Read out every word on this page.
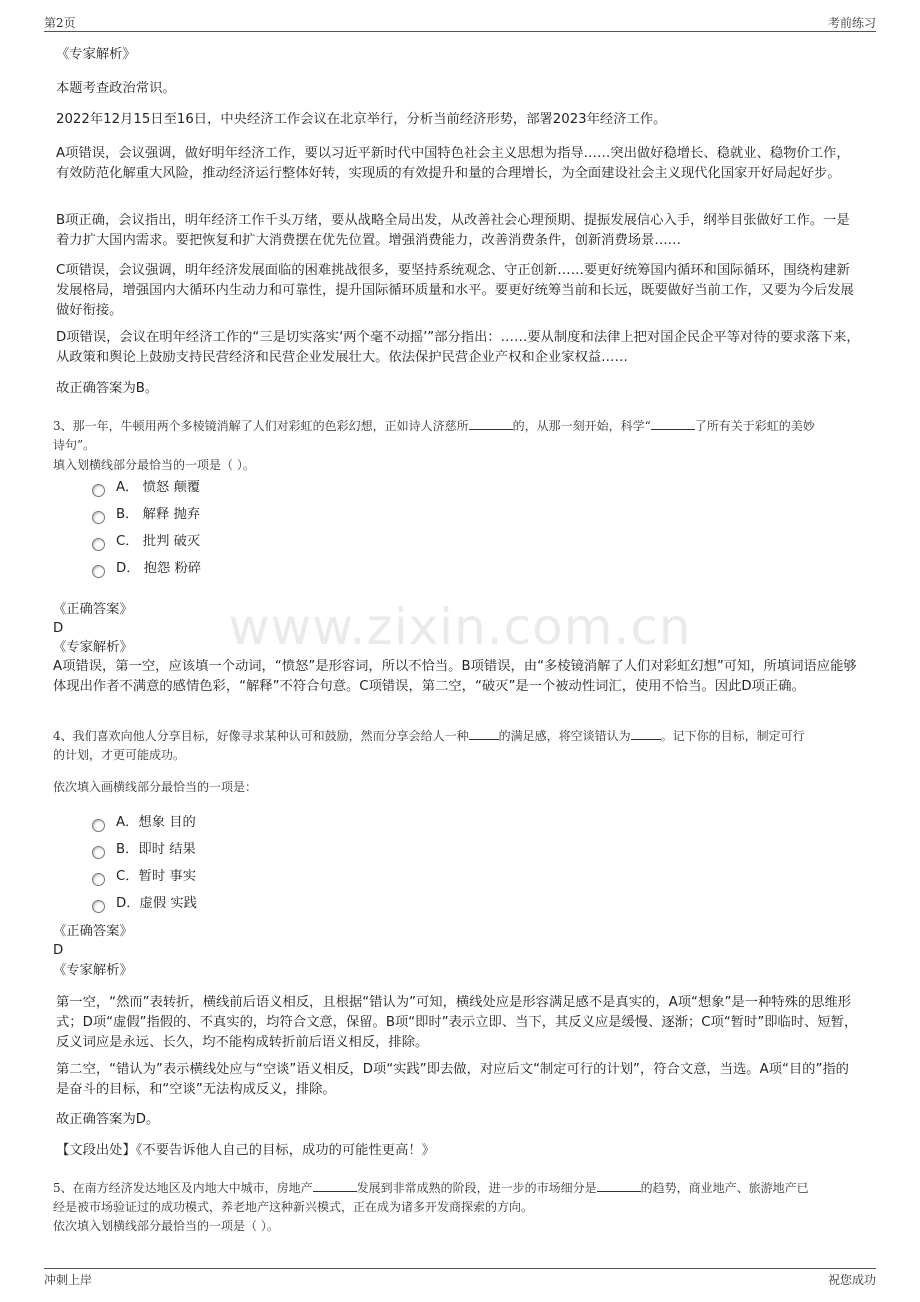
第2页	考前练习
www.zixin.com.cn
《专家解析》
本题考查政治常识。
2022年12月15日至16日，中央经济工作会议在北京举行，分析当前经济形势，部署2023年经济工作。
A项错误，会议强调，做好明年经济工作，要以习近平新时代中国特色社会主义思想为指导……突出做好稳增长、稳就业、稳物价工作，有效防范化解重大风险，推动经济运行整体好转，实现质的有效提升和量的合理增长，为全面建设社会主义现代化国家开好局起好步。
B项正确，会议指出，明年经济工作千头万绪，要从战略全局出发，从改善社会心理预期、提振发展信心入手，纲举目张做好工作。一是着力扩大国内需求。要把恢复和扩大消费摆在优先位置。增强消费能力，改善消费条件，创新消费场景……
C项错误，会议强调，明年经济发展面临的困难挑战很多，要坚持系统观念、守正创新……要更好统筹国内循环和国际循环，围绕构建新发展格局，增强国内大循环内生动力和可靠性，提升国际循环质量和水平。要更好统筹当前和长远，既要做好当前工作，又要为今后发展做好衔接。
D项错误，会议在明年经济工作的“三是切实落实‘两个毫不动摇’”部分指出：……要从制度和法律上把对国企民企平等对待的要求落下来，从政策和舆论上鼓励支持民营经济和民营企业发展壮大。依法保护民营企业产权和企业家权益……
故正确答案为B。
3、那一年，牛顿用两个多棱镜消解了人们对彩虹的色彩幻想，正如诗人济慈所	的，从那一刻开始，科学“	了所有关于彩虹的美妙
诗句”。
填入划横线部分最恰当的一项是（ ）。
A． 愤怒 颠覆
B． 解释 抛弃
C． 批判 破灭
D． 抱怨 粉碎
《正确答案》
D
《专家解析》
A项错误，第一空，应该填一个动词，“愤怒”是形容词，所以不恰当。B项错误，由“多棱镜消解了人们对彩虹幻想”可知，所填词语应能够体现出作者不满意的感情色彩，“解释”不符合句意。C项错误，第二空，“破灭”是一个被动性词汇，使用不恰当。因此D项正确。
4、我们喜欢向他人分享目标，好像寻求某种认可和鼓励，然而分享会给人一种	的满足感，将空谈错认为	。记下你的目标，制定可行
的计划，才更可能成功。
依次填入画横线部分最恰当的一项是：
A．想象 目的
B．即时 结果
C．暂时 事实
D．虚假 实践
《正确答案》
D
《专家解析》
第一空，“然而”表转折，横线前后语义相反，且根据“错认为”可知，横线处应是形容满足感不是真实的，A项“想象”是一种特殊的思维形式；D项“虚假”指假的、不真实的，均符合文意，保留。B项“即时”表示立即、当下，其反义应是缓慢、逐渐；C项“暂时”即临时、短暂，反义词应是永远、长久，均不能构成转折前后语义相反，排除。
第二空，“错认为”表示横线处应与“空谈”语义相反，D项“实践”即去做，对应后文“制定可行的计划”，符合文意，当选。A项“目的”指的是奋斗的目标，和“空谈”无法构成反义，排除。
故正确答案为D。
【文段出处】《不要告诉他人自己的目标，成功的可能性更高！》
5、在南方经济发达地区及内地大中城市，房地产	发展到非常成熟的阶段，进一步的市场细分是	的趋势，商业地产、旅游地产已
经是被市场验证过的成功模式，养老地产这种新兴模式，正在成为诸多开发商探索的方向。
依次填入划横线部分最恰当的一项是（ ）。
冲刺上岸	祝您成功
